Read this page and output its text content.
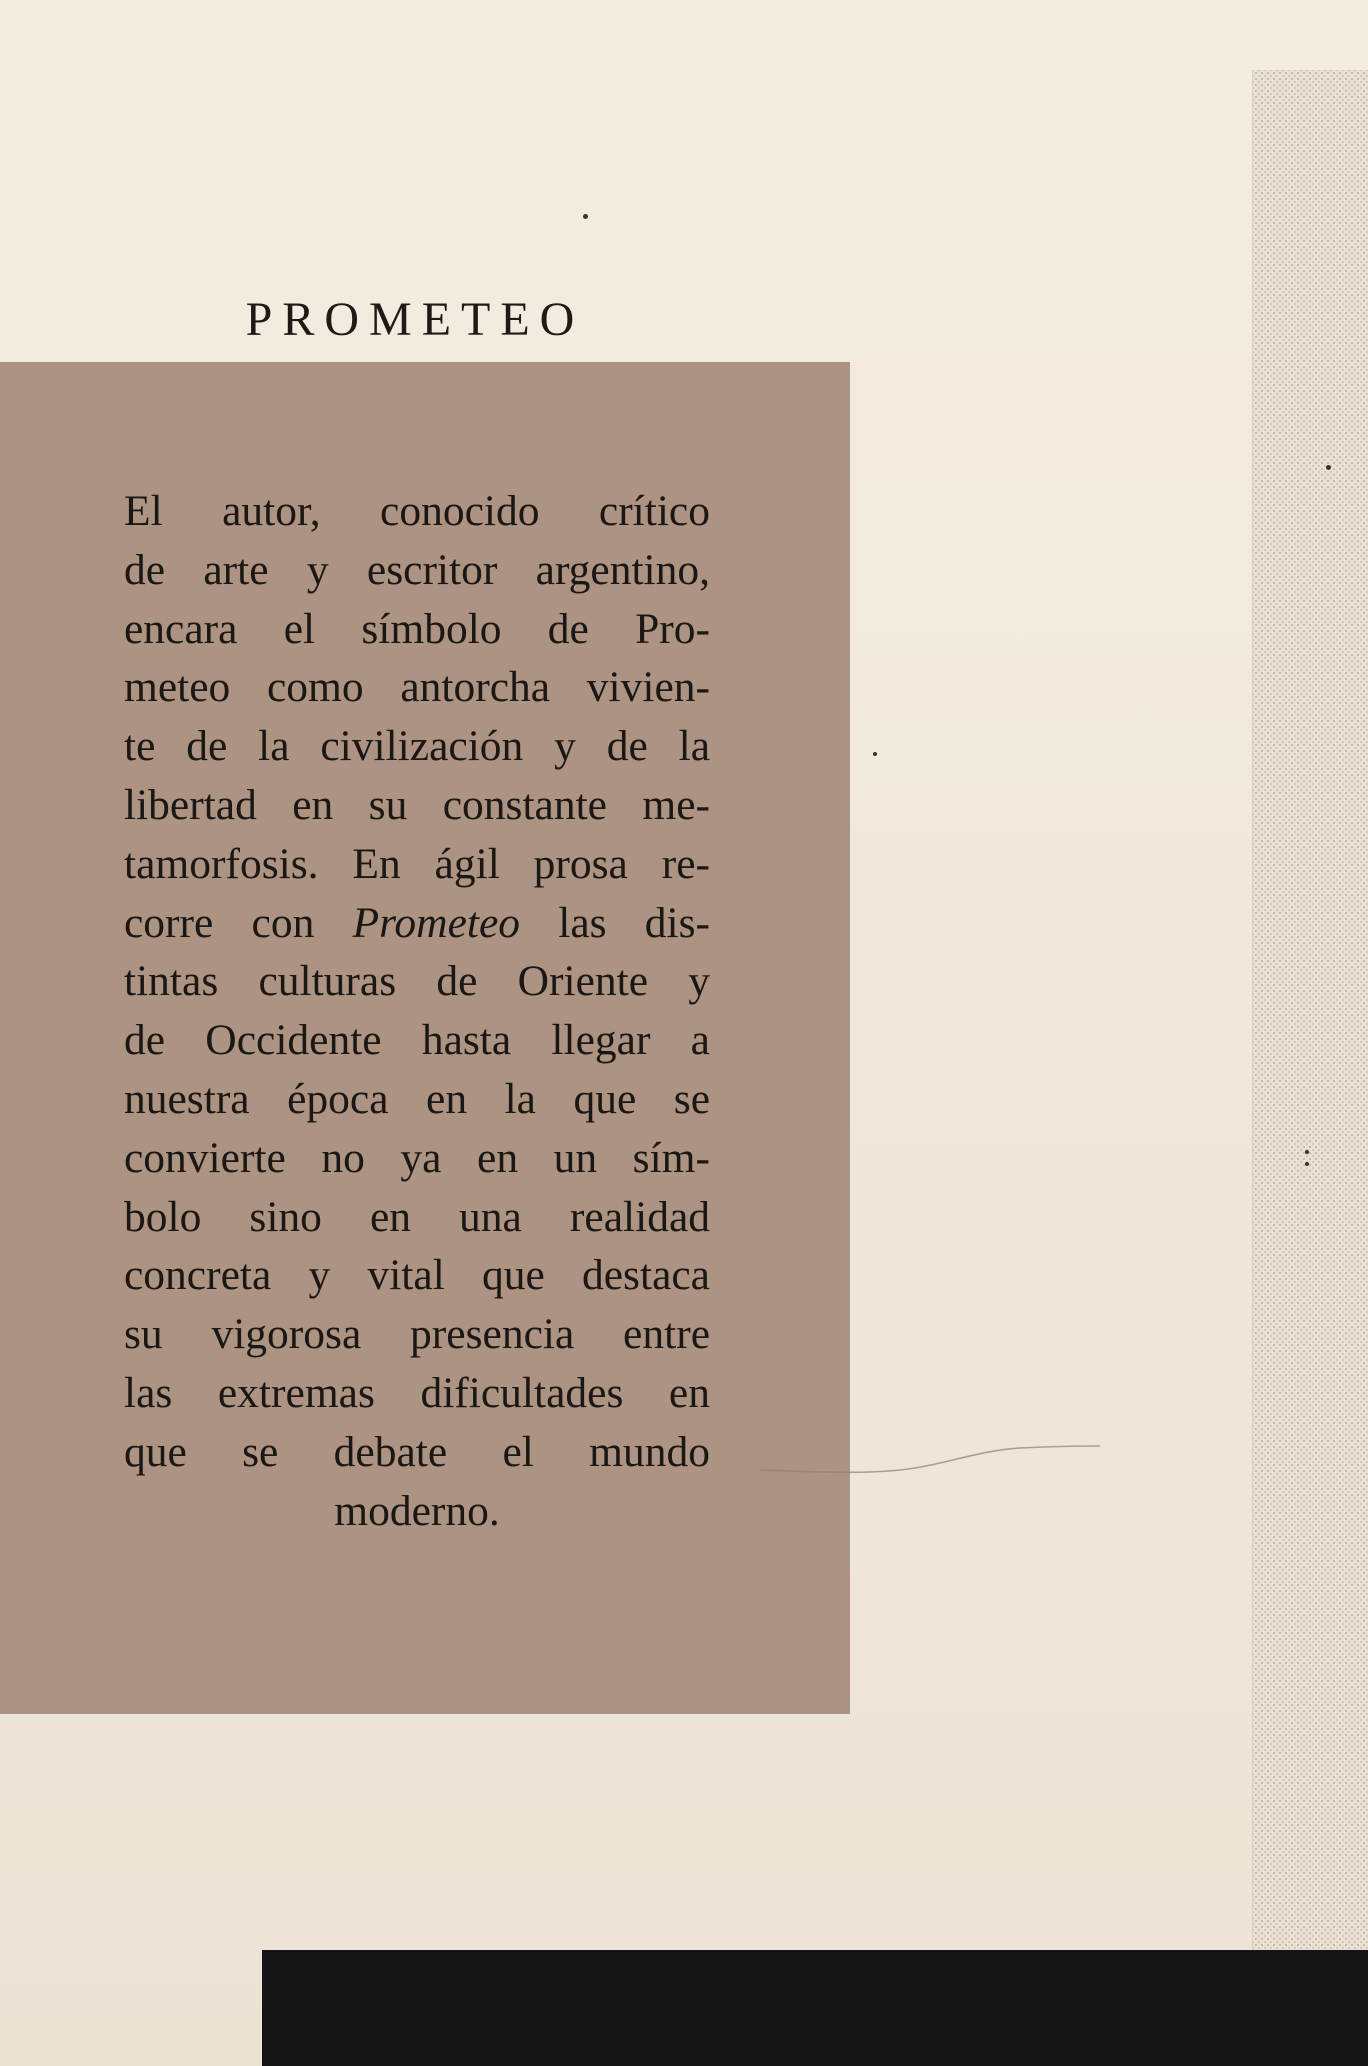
PROMETEO

El autor, conocido crítico
de arte y escritor argentino,
encara el símbolo de Pro-
meteo como antorcha vivien-
te de la civilización y de la
libertad en su constante me-
tamorfosis. En ágil prosa re-
corre con Prometeo las dis-
tintas culturas de Oriente y
de Occidente hasta llegar a
nuestra época en la que se
convierte no ya en un sím-
bolo sino en una realidad
concreta y vital que destaca
su vigorosa presencia entre
las extremas dificultades en
que se debate el mundo
moderno.
